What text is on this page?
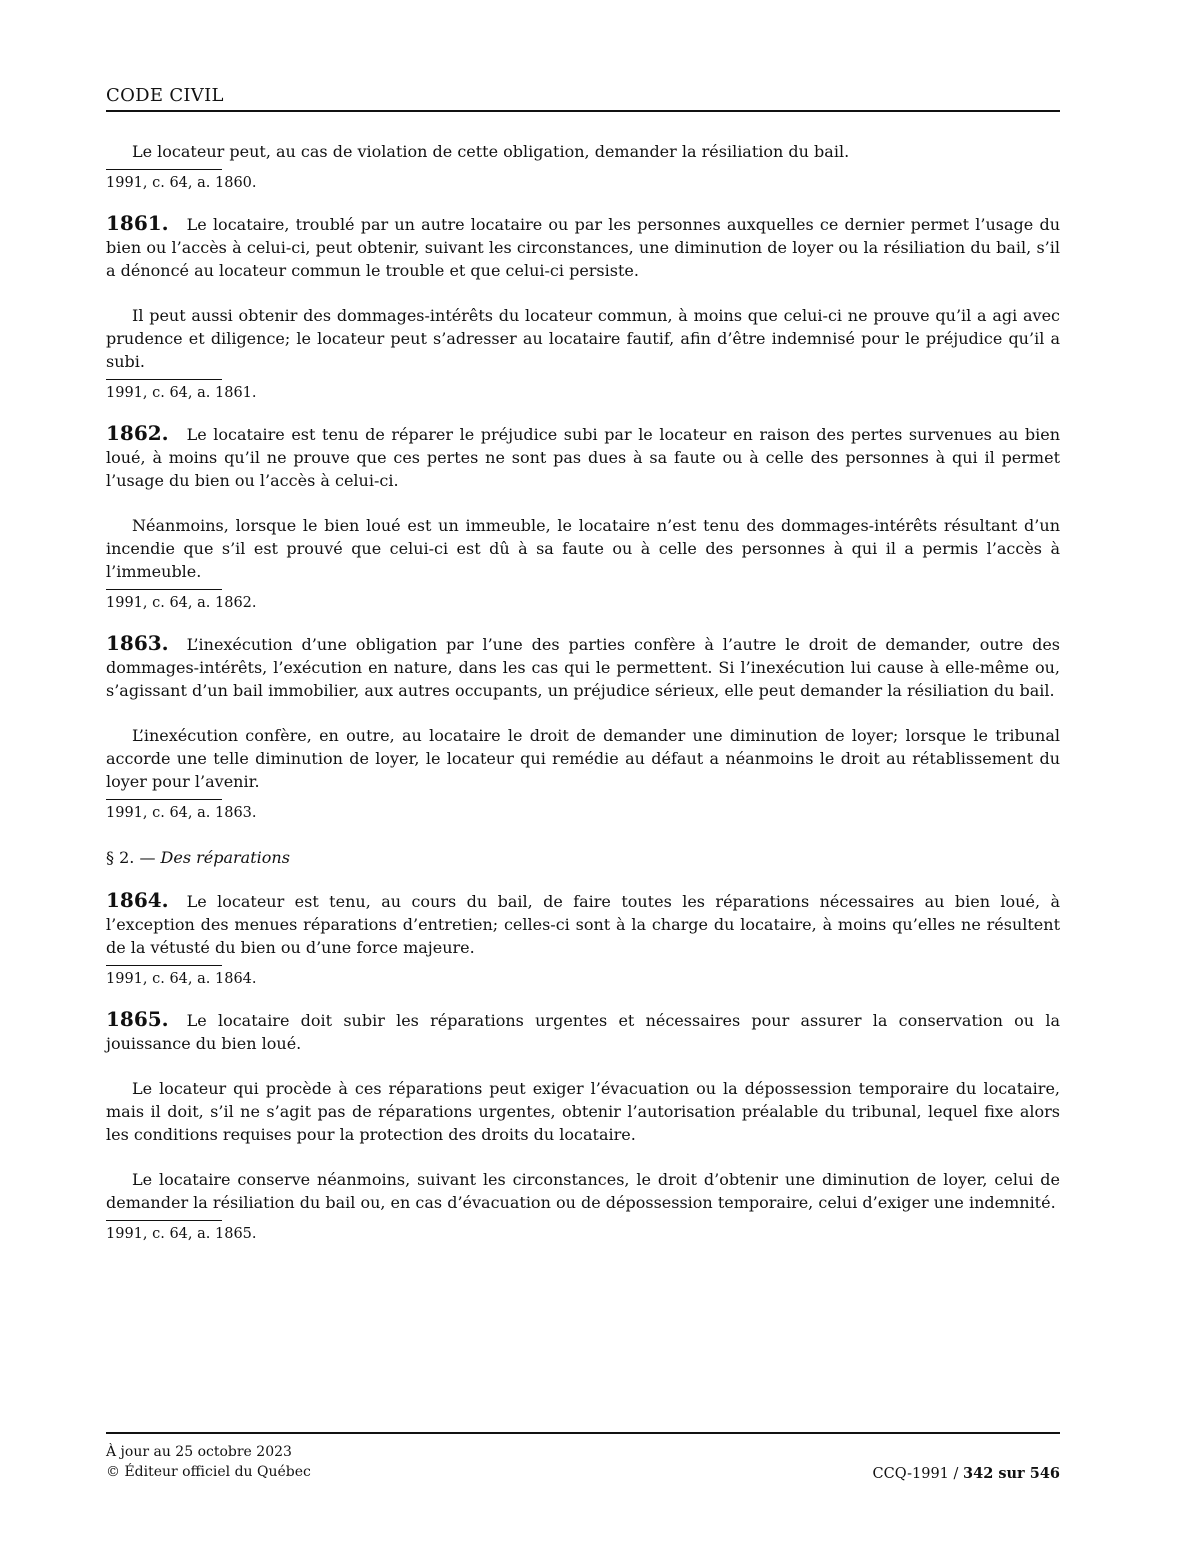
CODE CIVIL

Le locateur peut, au cas de violation de cette obligation, demander la résiliation du bail.

1991, c. 64, a. 1860.

1861. Le locataire, troublé par un autre locataire ou par les personnes auxquelles ce dernier permet l’usage du bien ou l’accès à celui-ci, peut obtenir, suivant les circonstances, une diminution de loyer ou la résiliation du bail, s’il a dénoncé au locateur commun le trouble et que celui-ci persiste.

Il peut aussi obtenir des dommages-intérêts du locateur commun, à moins que celui-ci ne prouve qu’il a agi avec prudence et diligence; le locateur peut s’adresser au locataire fautif, afin d’être indemnisé pour le préjudice qu’il a subi.

1991, c. 64, a. 1861.

1862. Le locataire est tenu de réparer le préjudice subi par le locateur en raison des pertes survenues au bien loué, à moins qu’il ne prouve que ces pertes ne sont pas dues à sa faute ou à celle des personnes à qui il permet l’usage du bien ou l’accès à celui-ci.

Néanmoins, lorsque le bien loué est un immeuble, le locataire n’est tenu des dommages-intérêts résultant d’un incendie que s’il est prouvé que celui-ci est dû à sa faute ou à celle des personnes à qui il a permis l’accès à l’immeuble.

1991, c. 64, a. 1862.

1863. L’inexécution d’une obligation par l’une des parties confère à l’autre le droit de demander, outre des dommages-intérêts, l’exécution en nature, dans les cas qui le permettent. Si l’inexécution lui cause à elle-même ou, s’agissant d’un bail immobilier, aux autres occupants, un préjudice sérieux, elle peut demander la résiliation du bail.

L’inexécution confère, en outre, au locataire le droit de demander une diminution de loyer; lorsque le tribunal accorde une telle diminution de loyer, le locateur qui remédie au défaut a néanmoins le droit au rétablissement du loyer pour l’avenir.

1991, c. 64, a. 1863.
§ 2. — Des réparations

1864. Le locateur est tenu, au cours du bail, de faire toutes les réparations nécessaires au bien loué, à l’exception des menues réparations d’entretien; celles-ci sont à la charge du locataire, à moins qu’elles ne résultent de la vétusté du bien ou d’une force majeure.

1991, c. 64, a. 1864.

1865. Le locataire doit subir les réparations urgentes et nécessaires pour assurer la conservation ou la jouissance du bien loué.

Le locateur qui procède à ces réparations peut exiger l’évacuation ou la dépossession temporaire du locataire, mais il doit, s’il ne s’agit pas de réparations urgentes, obtenir l’autorisation préalable du tribunal, lequel fixe alors les conditions requises pour la protection des droits du locataire.

Le locataire conserve néanmoins, suivant les circonstances, le droit d’obtenir une diminution de loyer, celui de demander la résiliation du bail ou, en cas d’évacuation ou de dépossession temporaire, celui d’exiger une indemnité.

1991, c. 64, a. 1865.
À jour au 25 octobre 2023
© Éditeur officiel du Québec	CCQ-1991 / 342 sur 546
